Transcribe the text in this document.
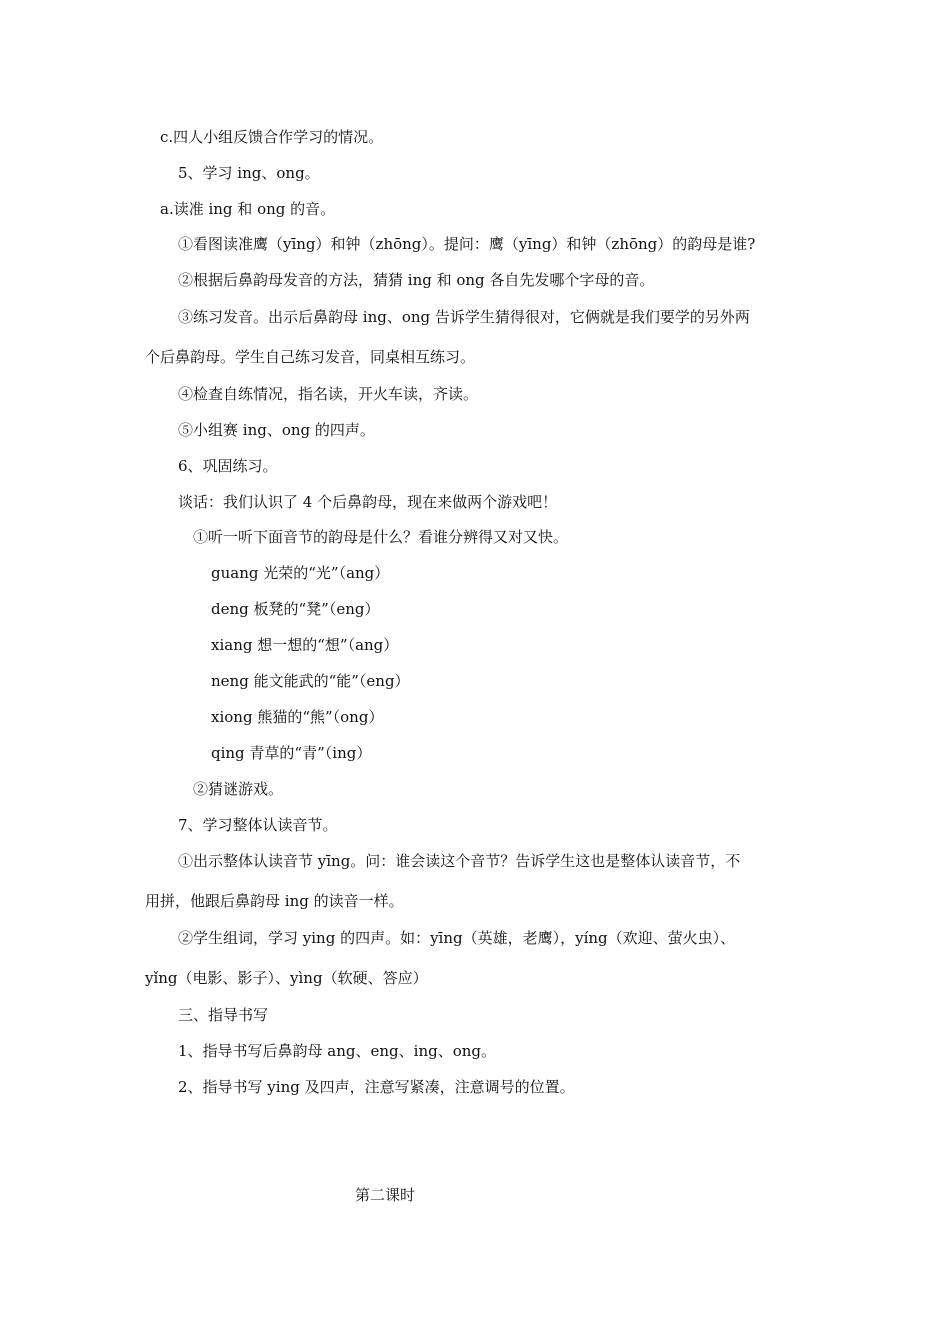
c.四人小组反馈合作学习的情况。
5、学习 ing、ong。
a.读准 ing 和 ong 的音。
①看图读准鹰（yīng）和钟（zhōng）。提问：鹰（yīng）和钟（zhōng）的韵母是谁?
②根据后鼻韵母发音的方法，猜猜 ing 和 ong 各自先发哪个字母的音。
③练习发音。出示后鼻韵母 ing、ong 告诉学生猜得很对，它俩就是我们要学的另外两
个后鼻韵母。学生自己练习发音，同桌相互练习。
④检查自练情况，指名读，开火车读，齐读。
⑤小组赛 ing、ong 的四声。
6、巩固练习。
谈话：我们认识了 4 个后鼻韵母，现在来做两个游戏吧！
①听一听下面音节的韵母是什么？看谁分辨得又对又快。
guang 光荣的“光”（ang）
deng 板凳的“凳”（eng）
xiang 想一想的“想”（ang）
neng 能文能武的“能”（eng）
xiong 熊猫的“熊”（ong）
qing 青草的“青”（ing）
②猜谜游戏。
7、学习整体认读音节。
①出示整体认读音节 yīng。问：谁会读这个音节？告诉学生这也是整体认读音节，不
用拼，他跟后鼻韵母 ing 的读音一样。
②学生组词，学习 ying 的四声。如：yīng（英雄，老鹰），yíng（欢迎、萤火虫）、
yǐng（电影、影子）、yìng（软硬、答应）
三、指导书写
1、指导书写后鼻韵母 ang、eng、ing、ong。
2、指导书写 ying 及四声，注意写紧凑，注意调号的位置。
第二课时
